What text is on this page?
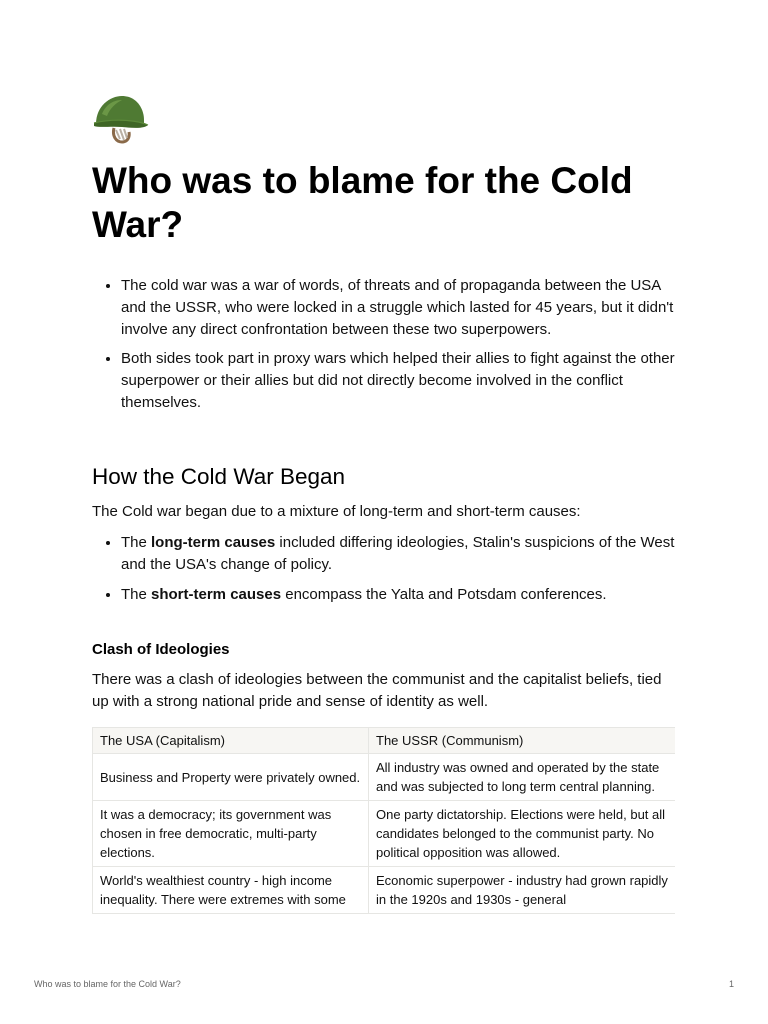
Who was to blame for the Cold War?
• The cold war was a war of words, of threats and of propaganda between the USA and the USSR, who were locked in a struggle which lasted for 45 years, but it didn't involve any direct confrontation between these two superpowers.
• Both sides took part in proxy wars which helped their allies to fight against the other superpower or their allies but did not directly become involved in the conflict themselves.
How the Cold War Began

The Cold war began due to a mixture of long-term and short-term causes:

• The long-term causes included differing ideologies, Stalin's suspicions of the West and the USA's change of policy.
• The short-term causes encompass the Yalta and Potsdam conferences.
Clash of Ideologies

There was a clash of ideologies between the communist and the capitalist beliefs, tied up with a strong national pride and sense of identity as well.

The USA (Capitalism)	The USSR (Communism)
Business and Property were privately owned.	All industry was owned and operated by the state and was subjected to long term central planning.
It was a democracy; its government was chosen in free democratic, multi-party elections.	One party dictatorship. Elections were held, but all candidates belonged to the communist party. No political opposition was allowed.
World's wealthiest country - high income inequality. There were extremes with some	Economic superpower - industry had grown rapidly in the 1920s and 1930s - general
Who was to blame for the Cold War?	1
